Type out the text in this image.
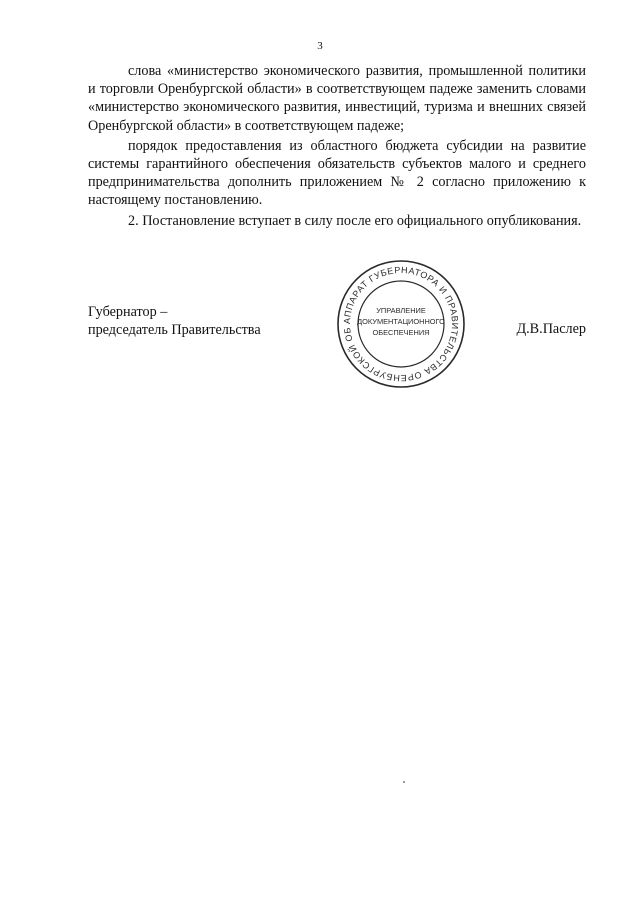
3

слова «министерство экономического развития, промышленной политики и торговли Оренбургской области» в соответствующем падеже заменить словами «министерство экономического развития, инвестиций, туризма и внешних связей Оренбургской области» в соответствующем падеже;

порядок предоставления из областного бюджета субсидии на развитие системы гарантийного обеспечения обязательств субъектов малого и среднего предпринимательства дополнить приложением № 2 согласно приложению к настоящему постановлению.

2. Постановление вступает в силу после его официального опубликования.

Губернатор –
председатель Правительства
АППАРАТ ГУБЕРНАТОРА И ПРАВИТЕЛЬСТВА ОРЕНБУРГСКОЙ ОБ
УПРАВЛЕНИЕ
ДОКУМЕНТАЦИОННОГО
ОБЕСПЕЧЕНИЯ	Д.В.Паслер
